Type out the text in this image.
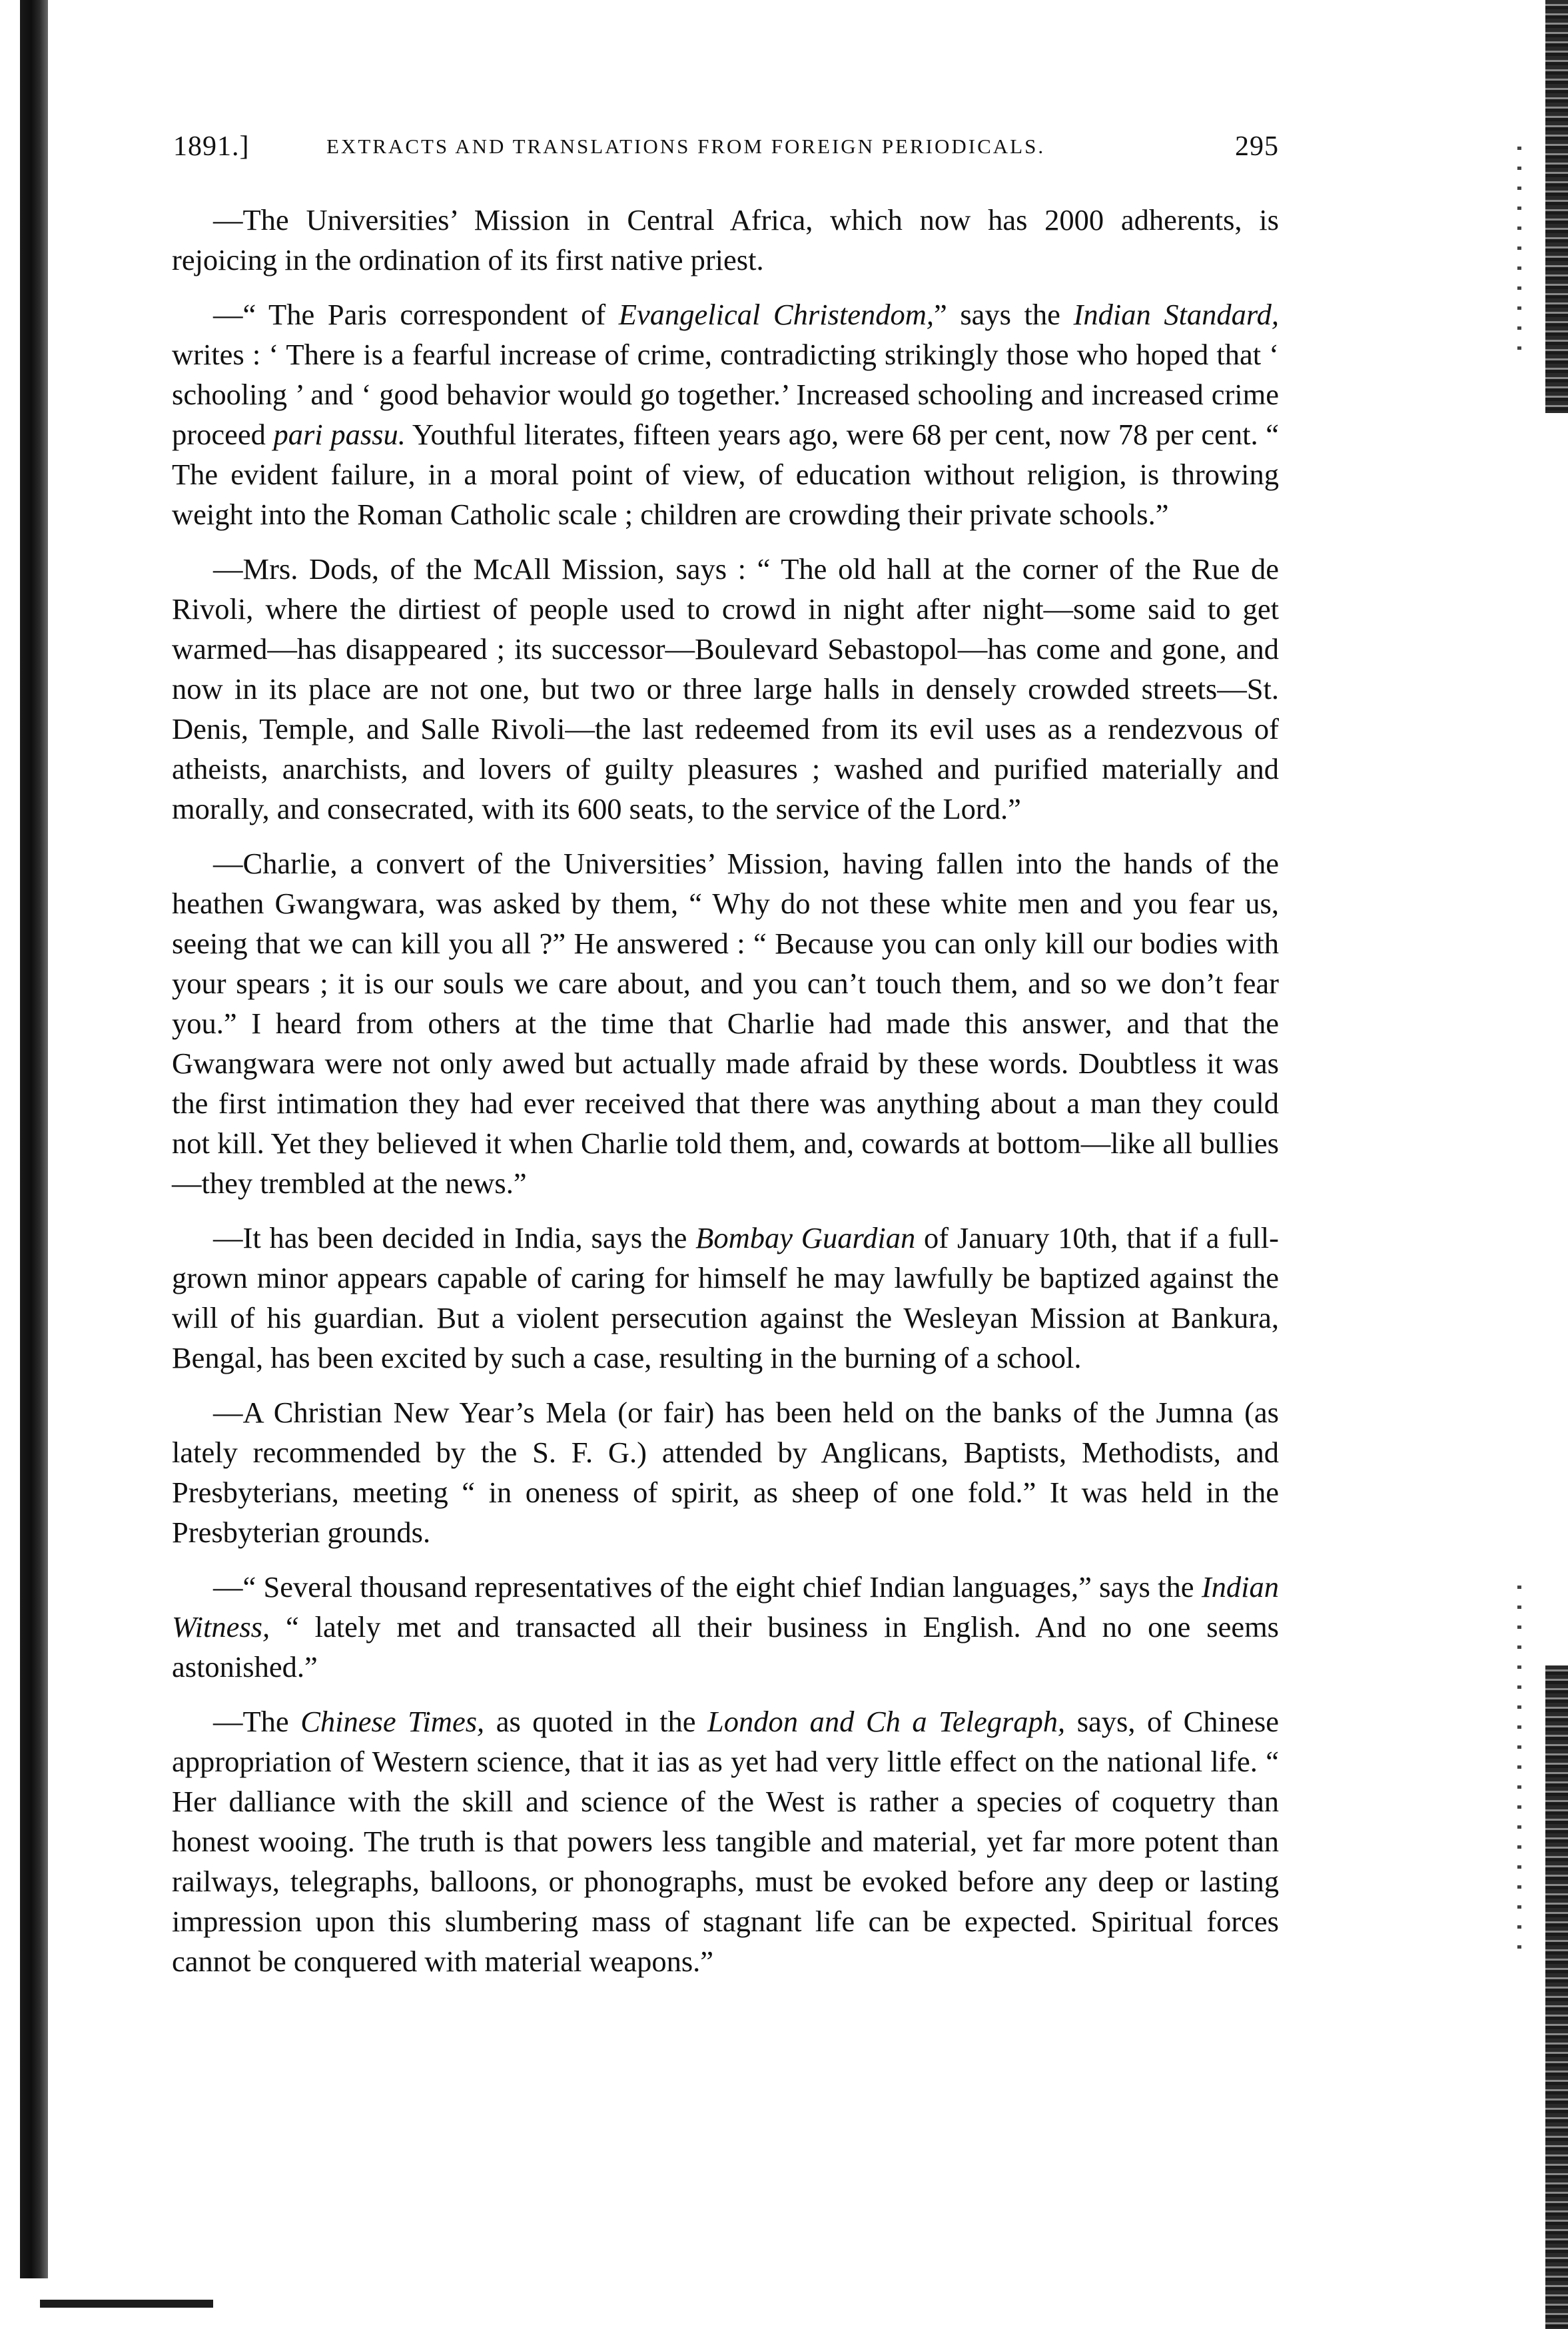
1891.]	EXTRACTS AND TRANSLATIONS FROM FOREIGN PERIODICALS.	295

—The Universities’ Mission in Central Africa, which now has 2000 adherents, is rejoicing in the ordination of its first native priest.

—“ The Paris correspondent of Evangelical Christendom,” says the Indian Standard, writes : ‘ There is a fearful increase of crime, contradicting strikingly those who hoped that ‘ schooling ’ and ‘ good behavior would go together.’ Increased schooling and increased crime proceed pari passu. Youthful literates, fifteen years ago, were 68 per cent, now 78 per cent. “ The evident failure, in a moral point of view, of education without religion, is throwing weight into the Roman Catholic scale ; children are crowding their private schools.”

—Mrs. Dods, of the McAll Mission, says : “ The old hall at the corner of the Rue de Rivoli, where the dirtiest of people used to crowd in night after night—some said to get warmed—has disappeared ; its successor—Boulevard Sebastopol—has come and gone, and now in its place are not one, but two or three large halls in densely crowded streets—St. Denis, Temple, and Salle Rivoli—the last redeemed from its evil uses as a rendezvous of atheists, anarchists, and lovers of guilty pleasures ; washed and purified materially and morally, and consecrated, with its 600 seats, to the service of the Lord.”

—Charlie, a convert of the Universities’ Mission, having fallen into the hands of the heathen Gwangwara, was asked by them, “ Why do not these white men and you fear us, seeing that we can kill you all ?” He answered : “ Because you can only kill our bodies with your spears ; it is our souls we care about, and you can’t touch them, and so we don’t fear you.” I heard from others at the time that Charlie had made this answer, and that the Gwangwara were not only awed but actually made afraid by these words. Doubtless it was the first intimation they had ever received that there was anything about a man they could not kill. Yet they believed it when Charlie told them, and, cowards at bottom—like all bullies—they trembled at the news.”

—It has been decided in India, says the Bombay Guardian of January 10th, that if a full-grown minor appears capable of caring for himself he may lawfully be baptized against the will of his guardian. But a violent persecution against the Wesleyan Mission at Bankura, Bengal, has been excited by such a case, resulting in the burning of a school.

—A Christian New Year’s Mela (or fair) has been held on the banks of the Jumna (as lately recommended by the S. F. G.) attended by Anglicans, Baptists, Methodists, and Presbyterians, meeting “ in oneness of spirit, as sheep of one fold.” It was held in the Presbyterian grounds.

—“ Several thousand representatives of the eight chief Indian languages,” says the Indian Witness, “ lately met and transacted all their business in English. And no one seems astonished.”

—The Chinese Times, as quoted in the London and Ch a Telegraph, says, of Chinese appropriation of Western science, that it ias as yet had very little effect on the national life. “ Her dalliance with the skill and science of the West is rather a species of coquetry than honest wooing. The truth is that powers less tangible and material, yet far more potent than railways, telegraphs, balloons, or phonographs, must be evoked before any deep or lasting impression upon this slumbering mass of stagnant life can be expected. Spiritual forces cannot be conquered with material weapons.”
